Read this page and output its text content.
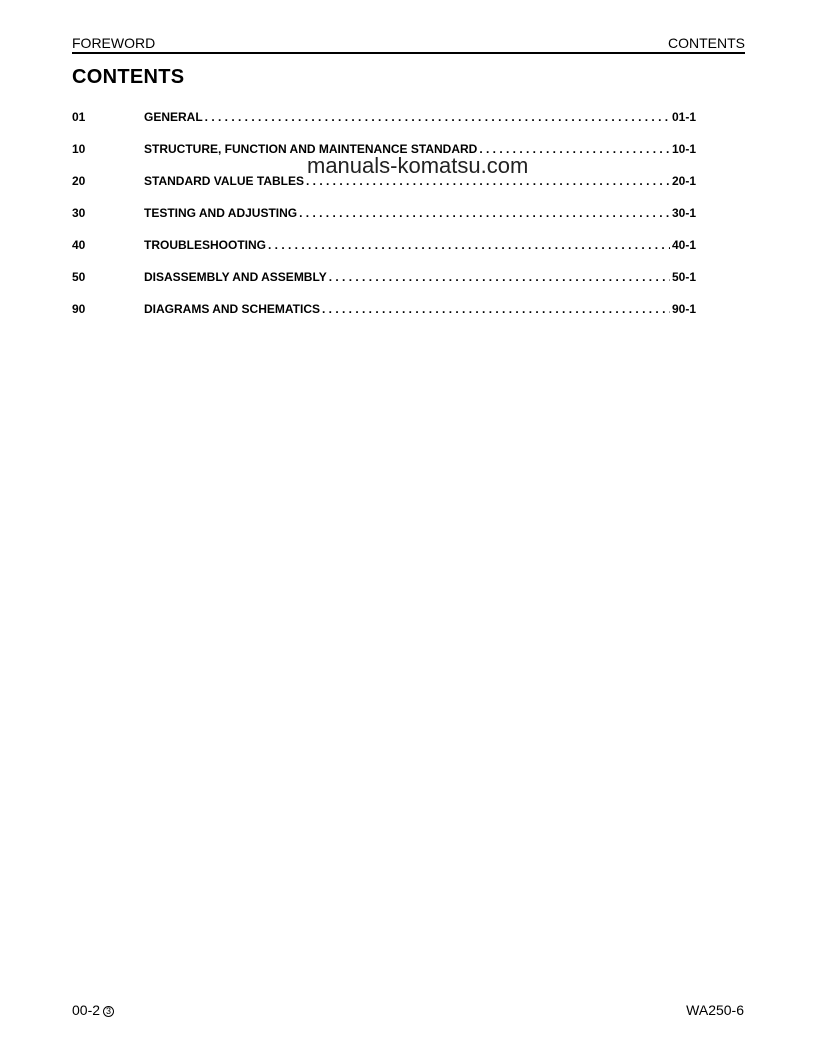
FOREWORD	CONTENTS
CONTENTS
01	GENERAL . . .	01-1
10	STRUCTURE, FUNCTION AND MAINTENANCE STANDARD . . .	10-1
20	STANDARD VALUE TABLES . . .	20-1
30	TESTING AND ADJUSTING . . .	30-1
40	TROUBLESHOOTING . . .	40-1
50	DISASSEMBLY AND ASSEMBLY . . .	50-1
90	DIAGRAMS AND SCHEMATICS . . .	90-1
manuals-komatsu.com
00-2 3	WA250-6
